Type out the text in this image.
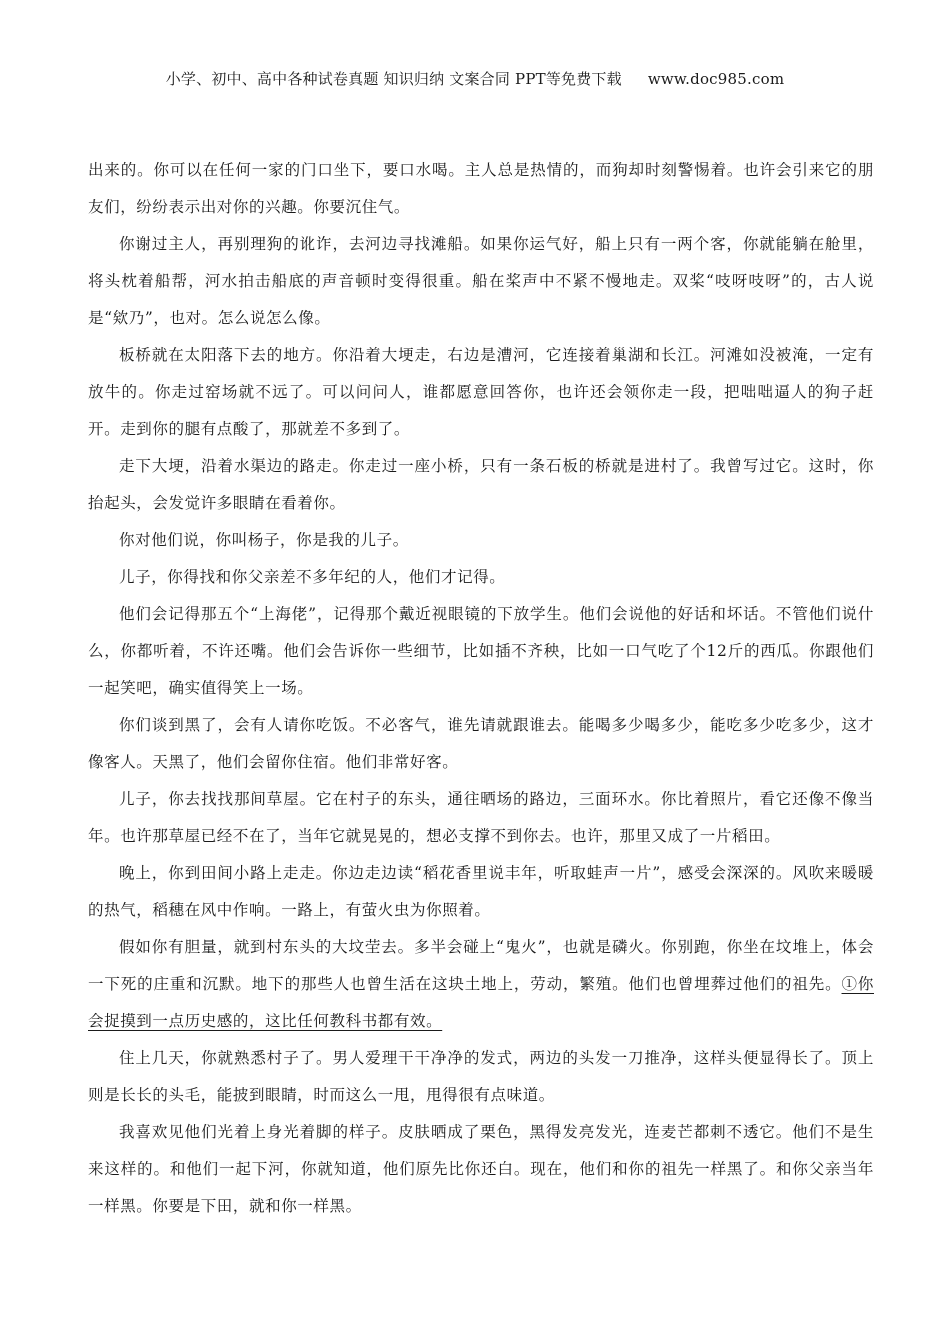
小学、初中、高中各种试卷真题 知识归纳 文案合同 PPT等免费下载 www.doc985.com

出来的。你可以在任何一家的门口坐下，要口水喝。主人总是热情的，而狗却时刻警惕着。也许会引来它的朋友们，纷纷表示出对你的兴趣。你要沉住气。

你谢过主人，再别理狗的讹诈，去河边寻找滩船。如果你运气好，船上只有一两个客，你就能躺在舱里，将头枕着船帮，河水拍击船底的声音顿时变得很重。船在桨声中不紧不慢地走。双桨“吱呀吱呀”的，古人说是“欸乃”，也对。怎么说怎么像。

板桥就在太阳落下去的地方。你沿着大埂走，右边是漕河，它连接着巢湖和长江。河滩如没被淹，一定有放牛的。你走过窑场就不远了。可以问问人，谁都愿意回答你，也许还会领你走一段，把咄咄逼人的狗子赶开。走到你的腿有点酸了，那就差不多到了。

走下大埂，沿着水渠边的路走。你走过一座小桥，只有一条石板的桥就是进村了。我曾写过它。这时，你抬起头，会发觉许多眼睛在看着你。

你对他们说，你叫杨子，你是我的儿子。

儿子，你得找和你父亲差不多年纪的人，他们才记得。

他们会记得那五个“上海佬”，记得那个戴近视眼镜的下放学生。他们会说他的好话和坏话。不管他们说什么，你都听着，不许还嘴。他们会告诉你一些细节，比如插不齐秧，比如一口气吃了个12斤的西瓜。你跟他们一起笑吧，确实值得笑上一场。

你们谈到黑了，会有人请你吃饭。不必客气，谁先请就跟谁去。能喝多少喝多少，能吃多少吃多少，这才像客人。天黑了，他们会留你住宿。他们非常好客。

儿子，你去找找那间草屋。它在村子的东头，通往晒场的路边，三面环水。你比着照片，看它还像不像当年。也许那草屋已经不在了，当年它就晃晃的，想必支撑不到你去。也许，那里又成了一片稻田。

晚上，你到田间小路上走走。你边走边读“稻花香里说丰年，听取蛙声一片”，感受会深深的。风吹来暖暖的热气，稻穗在风中作响。一路上，有萤火虫为你照着。

假如你有胆量，就到村东头的大坟茔去。多半会碰上“鬼火”，也就是磷火。你别跑，你坐在坟堆上，体会一下死的庄重和沉默。地下的那些人也曾生活在这块土地上，劳动，繁殖。他们也曾埋葬过他们的祖先。①你会捉摸到一点历史感的，这比任何教科书都有效。

住上几天，你就熟悉村子了。男人爱理干干净净的发式，两边的头发一刀推净，这样头便显得长了。顶上则是长长的头毛，能披到眼睛，时而这么一甩，甩得很有点味道。

我喜欢见他们光着上身光着脚的样子。皮肤晒成了栗色，黑得发亮发光，连麦芒都刺不透它。他们不是生来这样的。和他们一起下河，你就知道，他们原先比你还白。现在，他们和你的祖先一样黑了。和你父亲当年一样黑。你要是下田，就和你一样黑。
